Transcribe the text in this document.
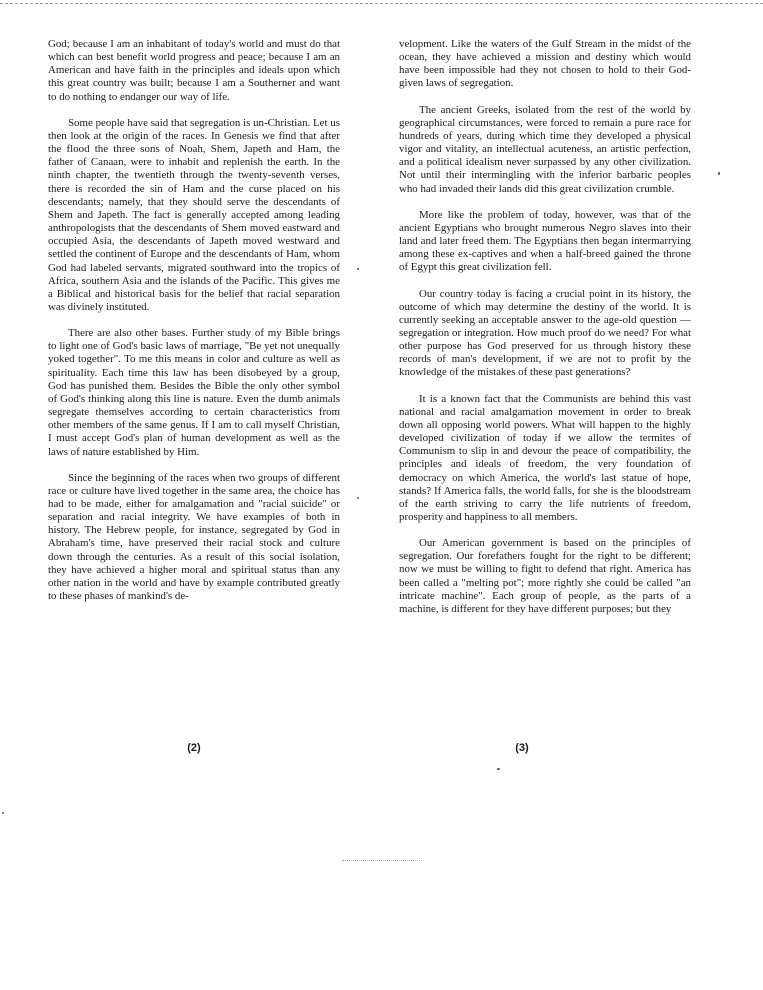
God; because I am an inhabitant of today's world and must do that which can best benefit world progress and peace; because I am an American and have faith in the principles and ideals upon which this great country was built; because I am a Southerner and want to do nothing to endanger our way of life.

Some people have said that segregation is un-Christian. Let us then look at the origin of the races. In Genesis we find that after the flood the three sons of Noah, Shem, Japeth and Ham, the father of Canaan, were to inhabit and replenish the earth. In the ninth chapter, the twentieth through the twenty-seventh verses, there is recorded the sin of Ham and the curse placed on his descendants; namely, that they should serve the descendants of Shem and Japeth. The fact is generally accepted among leading anthropologists that the descendants of Shem moved eastward and occupied Asia, the descendants of Japeth moved westward and settled the continent of Europe and the descendants of Ham, whom God had labeled servants, migrated southward into the tropics of Africa, southern Asia and the islands of the Pacific. This gives me a Biblical and historical basis for the belief that racial separation was divinely instituted.

There are also other bases. Further study of my Bible brings to light one of God's basic laws of marriage, "Be yet not unequally yoked together". To me this means in color and culture as well as spirituality. Each time this law has been disobeyed by a group, God has punished them. Besides the Bible the only other symbol of God's thinking along this line is nature. Even the dumb animals segregate themselves according to certain characteristics from other members of the same genus. If I am to call myself Christian, I must accept God's plan of human development as well as the laws of nature established by Him.

Since the beginning of the races when two groups of different race or culture have lived together in the same area, the choice has had to be made, either for amalgamation and "racial suicide" or separation and racial integrity. We have examples of both in history. The Hebrew people, for instance, segregated by God in Abraham's time, have preserved their racial stock and culture down through the centuries. As a result of this social isolation, they have achieved a higher moral and spiritual status than any other nation in the world and have by example contributed greatly to these phases of mankind's de-

(2)

velopment. Like the waters of the Gulf Stream in the midst of the ocean, they have achieved a mission and destiny which would have been impossible had they not chosen to hold to their God-given laws of segregation.

The ancient Greeks, isolated from the rest of the world by geographical circumstances, were forced to remain a pure race for hundreds of years, during which time they developed a physical vigor and vitality, an intellectual acuteness, an artistic perfection, and a political idealism never surpassed by any other civilization. Not until their intermingling with the inferior barbaric peoples who had invaded their lands did this great civilization crumble.

More like the problem of today, however, was that of the ancient Egyptians who brought numerous Negro slaves into their land and later freed them. The Egyptians then began intermarrying among these ex-captives and when a half-breed gained the throne of Egypt this great civilization fell.

Our country today is facing a crucial point in its history, the outcome of which may determine the destiny of the world. It is currently seeking an acceptable answer to the age-old question — segregation or integration. How much proof do we need? For what other purpose has God preserved for us through history these records of man's development, if we are not to profit by the knowledge of the mistakes of these past generations?

It is a known fact that the Communists are behind this vast national and racial amalgamation movement in order to break down all opposing world powers. What will happen to the highly developed civilization of today if we allow the termites of Communism to slip in and devour the peace of compatibility, the principles and ideals of freedom, the very foundation of democracy on which America, the world's last statue of hope, stands? If America falls, the world falls, for she is the bloodstream of the earth striving to carry the life nutrients of freedom, prosperity and happiness to all members.

Our American government is based on the principles of segregation. Our forefathers fought for the right to be different; now we must be willing to fight to defend that right. America has been called a "melting pot"; more rightly she could be called "an intricate machine". Each group of people, as the parts of a machine, is different for they have different purposes; but they

(3)
